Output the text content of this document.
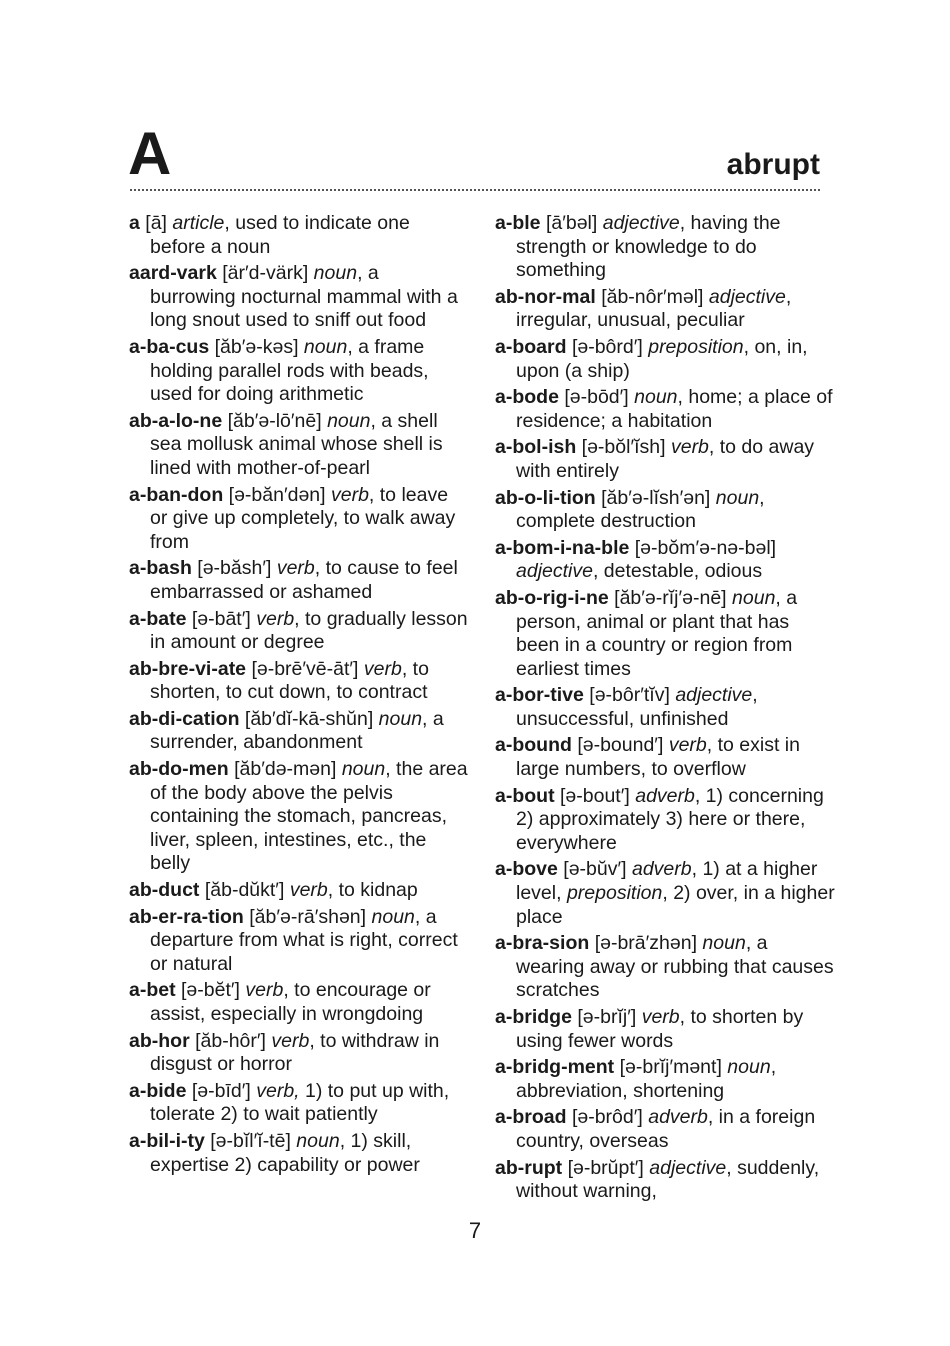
A	abrupt
a [ā] article, used to indicate one before a noun
aard-vark [är′d-värk] noun, a burrowing nocturnal mammal with a long snout used to sniff out food
a-ba-cus [ăb′ə-kəs] noun, a frame holding parallel rods with beads, used for doing arithmetic
ab-a-lo-ne [ăb′ə-lō′nē] noun, a shell sea mollusk animal whose shell is lined with mother-of-pearl
a-ban-don [ə-băn′dən] verb, to leave or give up completely, to walk away from
a-bash [ə-băsh′] verb, to cause to feel embarrassed or ashamed
a-bate [ə-bāt′] verb, to gradually lesson in amount or degree
ab-bre-vi-ate [ə-brē′vē-āt′] verb, to shorten, to cut down, to contract
ab-di-cation [ăb′dĭ-kā-shŭn] noun, a surrender, abandonment
ab-do-men [ăb′də-mən] noun, the area of the body above the pelvis containing the stomach, pancreas, liver, spleen, intestines, etc., the belly
ab-duct [ăb-dŭkt′] verb, to kidnap
ab-er-ra-tion [ăb′ə-rā′shən] noun, a departure from what is right, correct or natural
a-bet [ə-bĕt′] verb, to encourage or assist, especially in wrongdoing
ab-hor [ăb-hôr′] verb, to withdraw in disgust or horror
a-bide [ə-bīd′] verb, 1) to put up with, tolerate 2) to wait patiently
a-bil-i-ty [ə-bĭl′ĭ-tē] noun, 1) skill, expertise 2) capability or power
a-ble [ā′bəl] adjective, having the strength or knowledge to do something
ab-nor-mal [ăb-nôr′məl] adjective, irregular, unusual, peculiar
a-board [ə-bôrd′] preposition, on, in, upon (a ship)
a-bode [ə-bōd′] noun, home; a place of residence; a habitation
a-bol-ish [ə-bŏl′ĭsh] verb, to do away with entirely
ab-o-li-tion [ăb′ə-lĭsh′ən] noun, complete destruction
a-bom-i-na-ble [ə-bŏm′ə-nə-bəl] adjective, detestable, odious
ab-o-rig-i-ne [ăb′ə-rĭj′ə-nē] noun, a person, animal or plant that has been in a country or region from earliest times
a-bor-tive [ə-bôr′tĭv] adjective, unsuccessful, unfinished
a-bound [ə-bound′] verb, to exist in large numbers, to overflow
a-bout [ə-bout′] adverb, 1) concerning 2) approximately 3) here or there, everywhere
a-bove [ə-bŭv′] adverb, 1) at a higher level, preposition, 2) over, in a higher place
a-bra-sion [ə-brā′zhən] noun, a wearing away or rubbing that causes scratches
a-bridge [ə-brĭj′] verb, to shorten by using fewer words
a-bridg-ment [ə-brĭj′mənt] noun, abbreviation, shortening
a-broad [ə-brôd′] adverb, in a foreign country, overseas
ab-rupt [ə-brŭpt′] adjective, suddenly, without warning,
7
